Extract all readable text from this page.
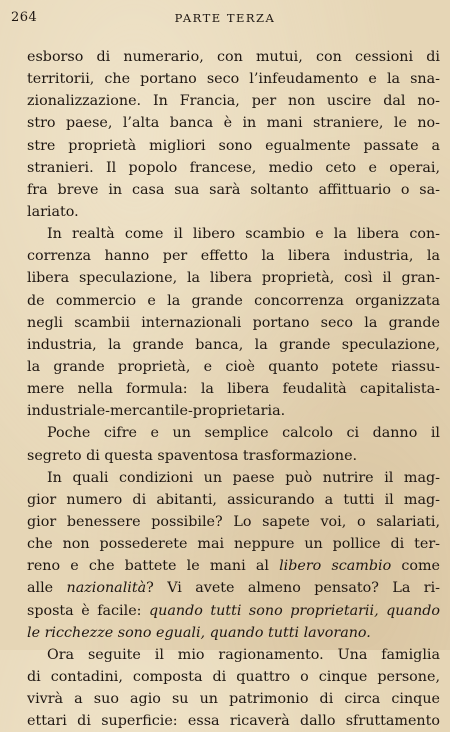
264	PARTE TERZA
esborso di numerario, con mutui, con cessioni di
territorii, che portano seco l’infeudamento e la sna-
zionalizzazione. In Francia, per non uscire dal no-
stro paese, l’alta banca è in mani straniere, le no-
stre proprietà migliori sono egualmente passate a
stranieri. Il popolo francese, medio ceto e operai,
fra breve in casa sua sarà soltanto affittuario o sa-
lariato.
In realtà come il libero scambio e la libera con-
correnza hanno per effetto la libera industria, la
libera speculazione, la libera proprietà, così il gran-
de commercio e la grande concorrenza organizzata
negli scambii internazionali portano seco la grande
industria, la grande banca, la grande speculazione,
la grande proprietà, e cioè quanto potete riassu-
mere nella formula: la libera feudalità capitalista-
industriale-mercantile-proprietaria.
Poche cifre e un semplice calcolo ci danno il
segreto di questa spaventosa trasformazione.
In quali condizioni un paese può nutrire il mag-
gior numero di abitanti, assicurando a tutti il mag-
gior benessere possibile? Lo sapete voi, o salariati,
che non possederete mai neppure un pollice di ter-
reno e che battete le mani al libero scambio come
alle nazionalità? Vi avete almeno pensato? La ri-
sposta è facile: quando tutti sono proprietarii, quando
le ricchezze sono eguali, quando tutti lavorano.
Ora seguite il mio ragionamento. Una famiglia
di contadini, composta di quattro o cinque persone,
vivrà a suo agio su un patrimonio di circa cinque
ettari di superficie: essa ricaverà dallo sfruttamento
